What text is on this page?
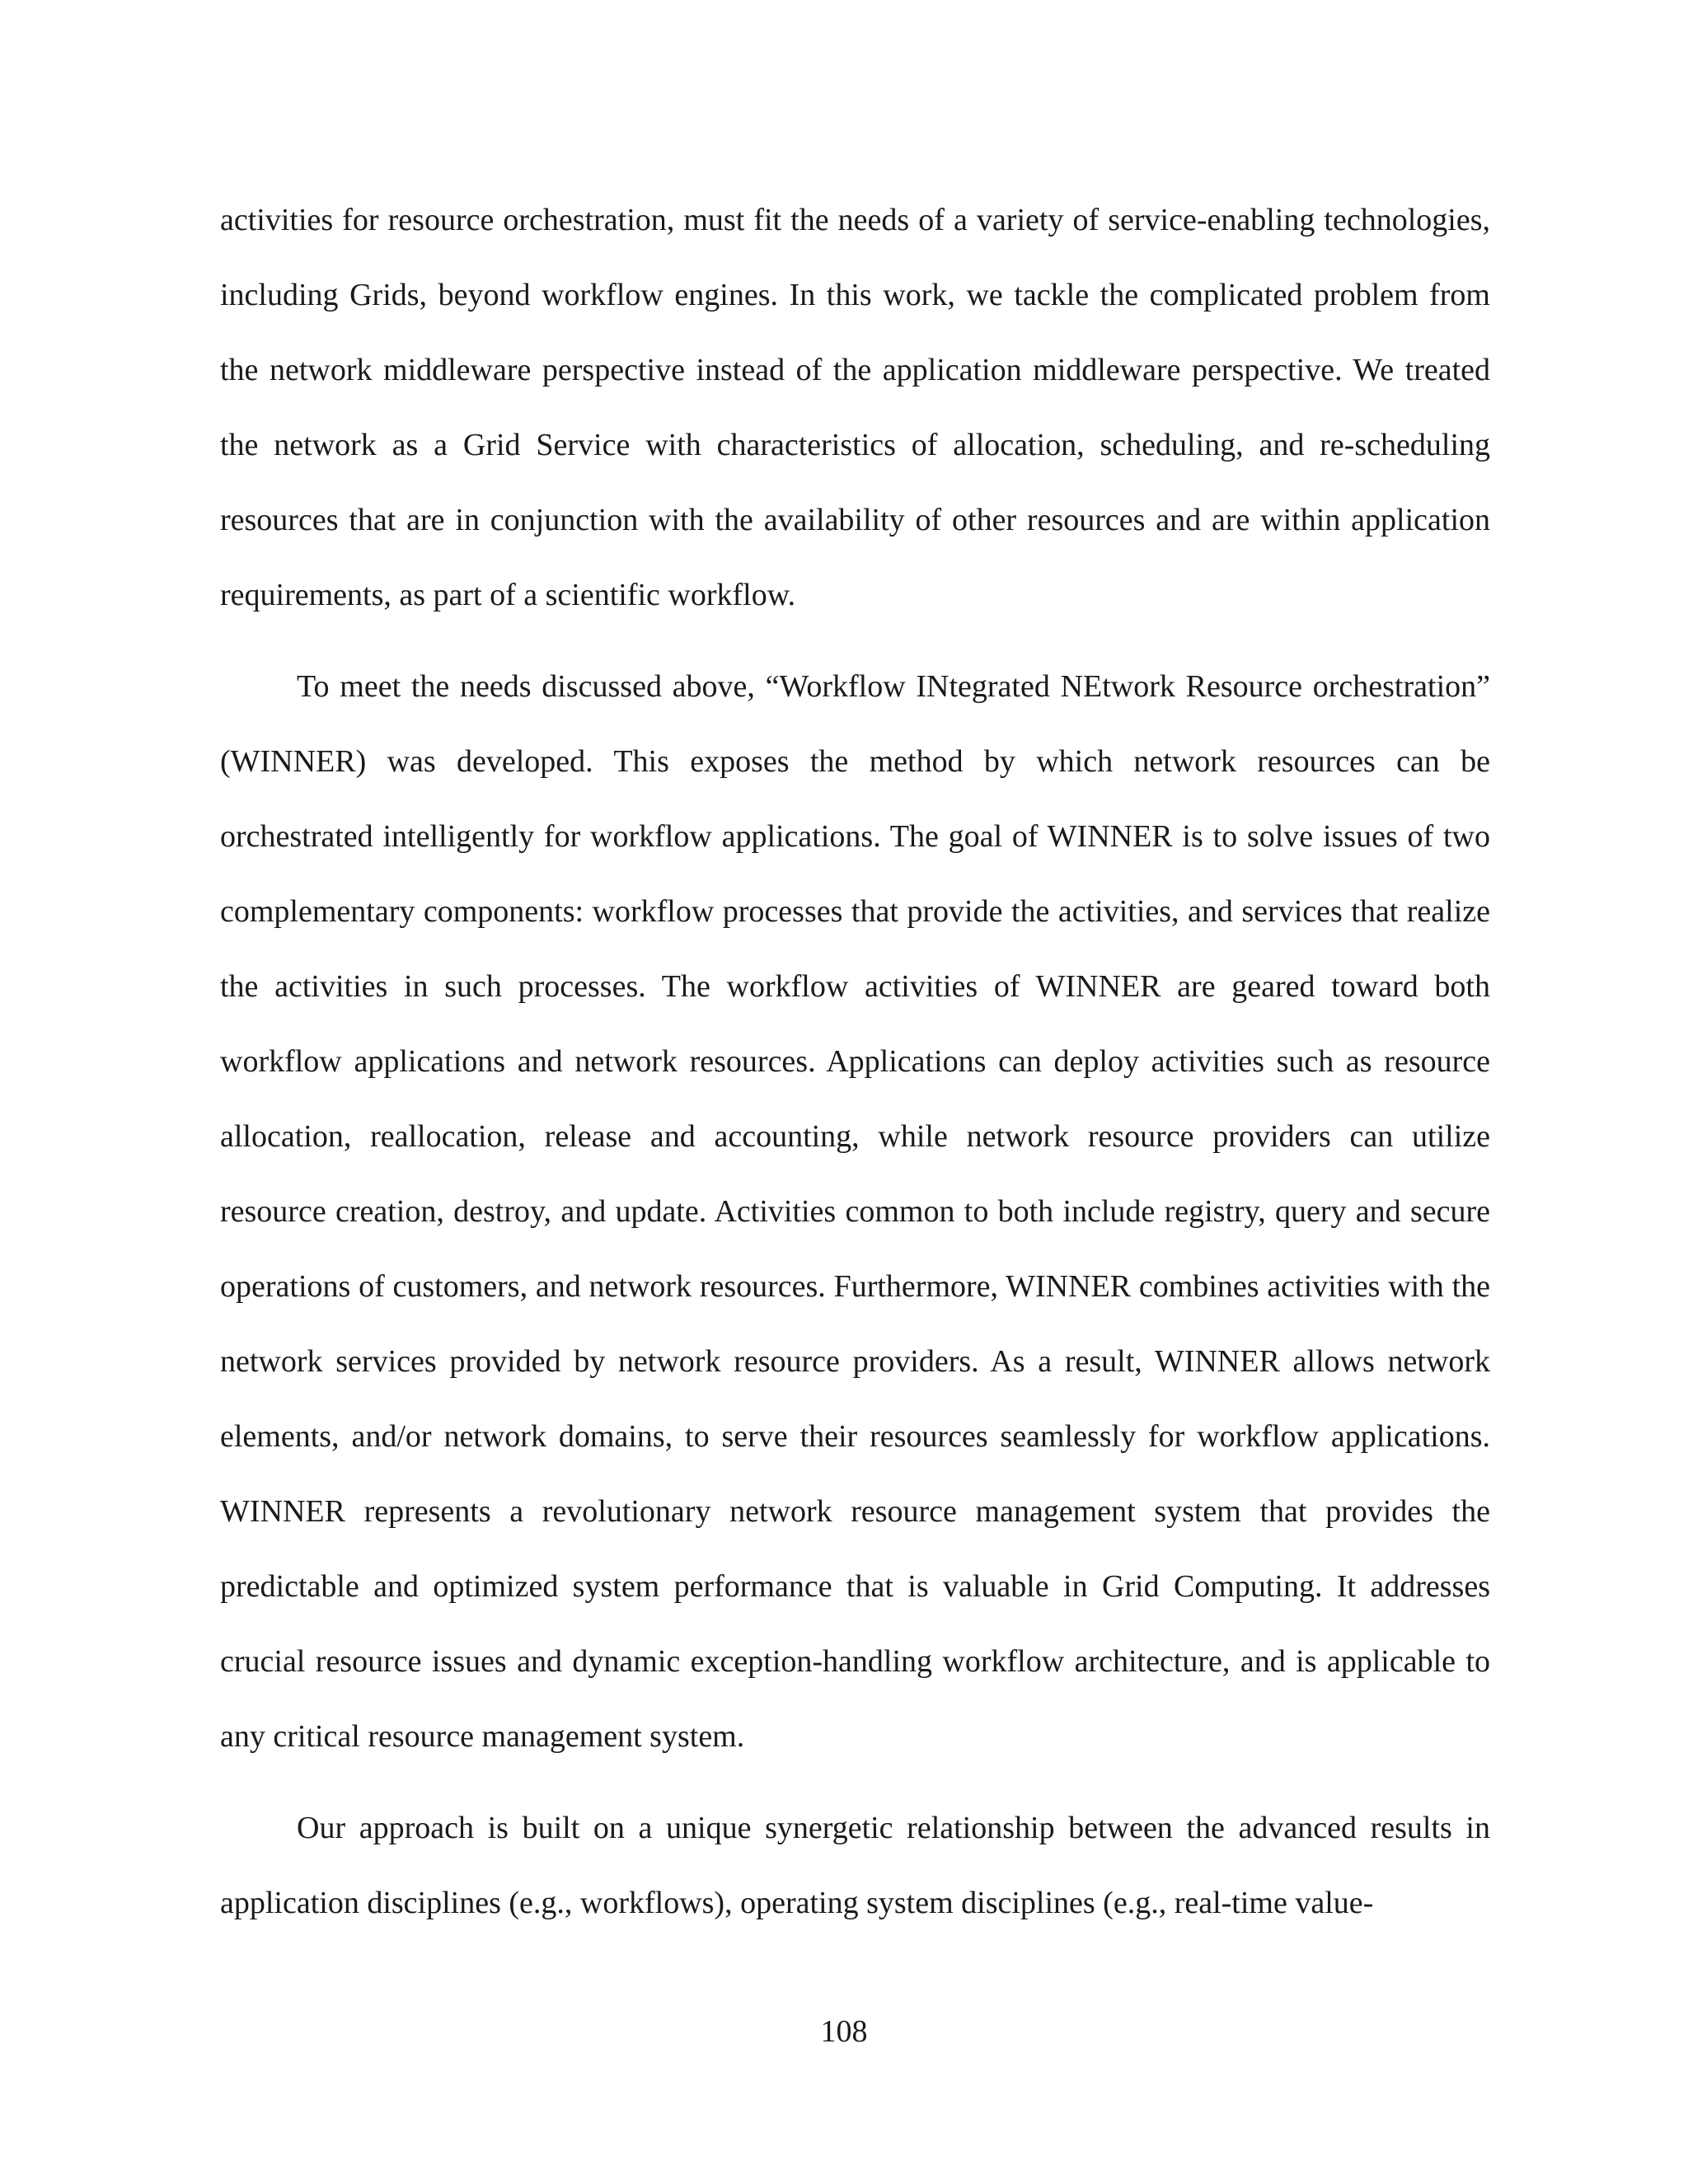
activities for resource orchestration, must fit the needs of a variety of service-enabling technologies, including Grids, beyond workflow engines. In this work, we tackle the complicated problem from the network middleware perspective instead of the application middleware perspective. We treated the network as a Grid Service with characteristics of allocation, scheduling, and re-scheduling resources that are in conjunction with the availability of other resources and are within application requirements, as part of a scientific workflow.

To meet the needs discussed above, “Workflow INtegrated NEtwork Resource orchestration” (WINNER) was developed. This exposes the method by which network resources can be orchestrated intelligently for workflow applications. The goal of WINNER is to solve issues of two complementary components: workflow processes that provide the activities, and services that realize the activities in such processes. The workflow activities of WINNER are geared toward both workflow applications and network resources. Applications can deploy activities such as resource allocation, reallocation, release and accounting, while network resource providers can utilize resource creation, destroy, and update. Activities common to both include registry, query and secure operations of customers, and network resources. Furthermore, WINNER combines activities with the network services provided by network resource providers. As a result, WINNER allows network elements, and/or network domains, to serve their resources seamlessly for workflow applications. WINNER represents a revolutionary network resource management system that provides the predictable and optimized system performance that is valuable in Grid Computing. It addresses crucial resource issues and dynamic exception-handling workflow architecture, and is applicable to any critical resource management system.

Our approach is built on a unique synergetic relationship between the advanced results in application disciplines (e.g., workflows), operating system disciplines (e.g., real-time value-

108
